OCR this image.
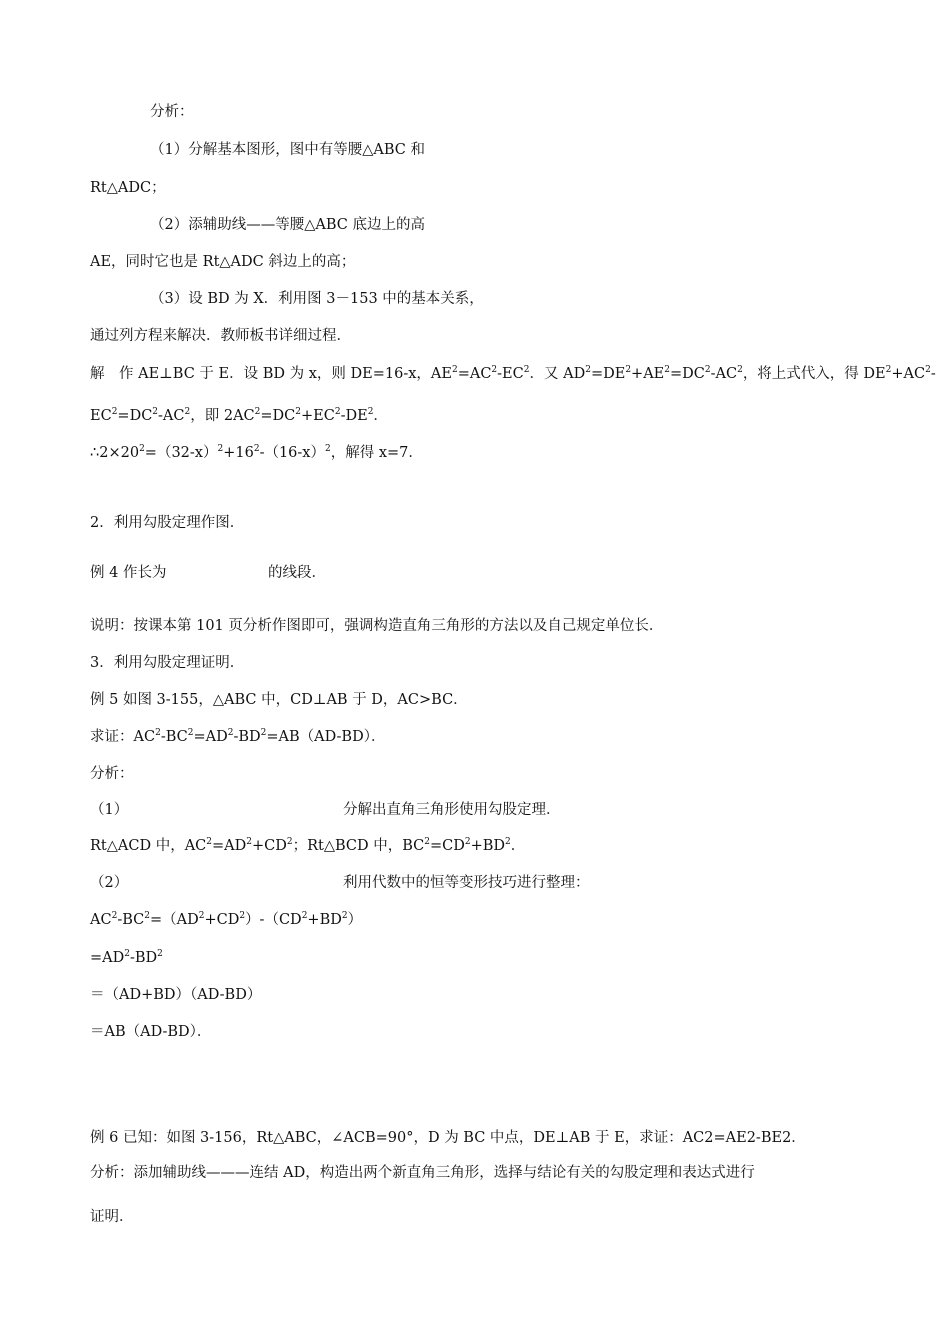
分析：
（1）分解基本图形，图中有等腰△ABC 和
Rt△ADC；
（2）添辅助线——等腰△ABC 底边上的高
AE，同时它也是 Rt△ADC 斜边上的高；
（3）设 BD 为 X．利用图 3－153 中的基本关系，
通过列方程来解决．教师板书详细过程．
解　作 AE⊥BC 于 E．设 BD 为 x，则 DE=16-x，$AE^2=AC^2-EC^2$．又 $AD^2=DE^2+AE^2=DC^2-AC^2$，将上式代入，得 $DE^2+AC^2-$
$EC^2=DC^2-AC^2$，即 $2AC^2=DC^2+EC^2-DE^2$．
$\therefore 2\times 20^2=(32-x)^2+16^2-(16-x)^2$，解得 x=7．
2．利用勾股定理作图．
例 4 作长为	的线段．
说明：按课本第 101 页分析作图即可，强调构造直角三角形的方法以及自己规定单位长．
3．利用勾股定理证明．
例 5 如图 3-155，△ABC 中，CD⊥AB 于 D，AC>BC．
求证：$AC^2-BC^2=AD^2-BD^2=AB(AD-BD)$．
分析：
（1）	分解出直角三角形使用勾股定理．
Rt△ACD 中，$AC^2=AD^2+CD^2$；Rt△BCD 中，$BC^2=CD^2+BD^2$．
（2）	利用代数中的恒等变形技巧进行整理：
$AC^2-BC^2=(AD^2+CD^2)-(CD^2+BD^2)$
$=AD^2-BD^2$
＝（AD+BD）（AD-BD）
＝AB（AD-BD）．
例 6 已知：如图 3-156，Rt△ABC，∠ACB=90°，D 为 BC 中点，DE⊥AB 于 E，求证：AC2=AE2-BE2．
分析：添加辅助线———连结 AD，构造出两个新直角三角形，选择与结论有关的勾股定理和表达式进行
证明．
